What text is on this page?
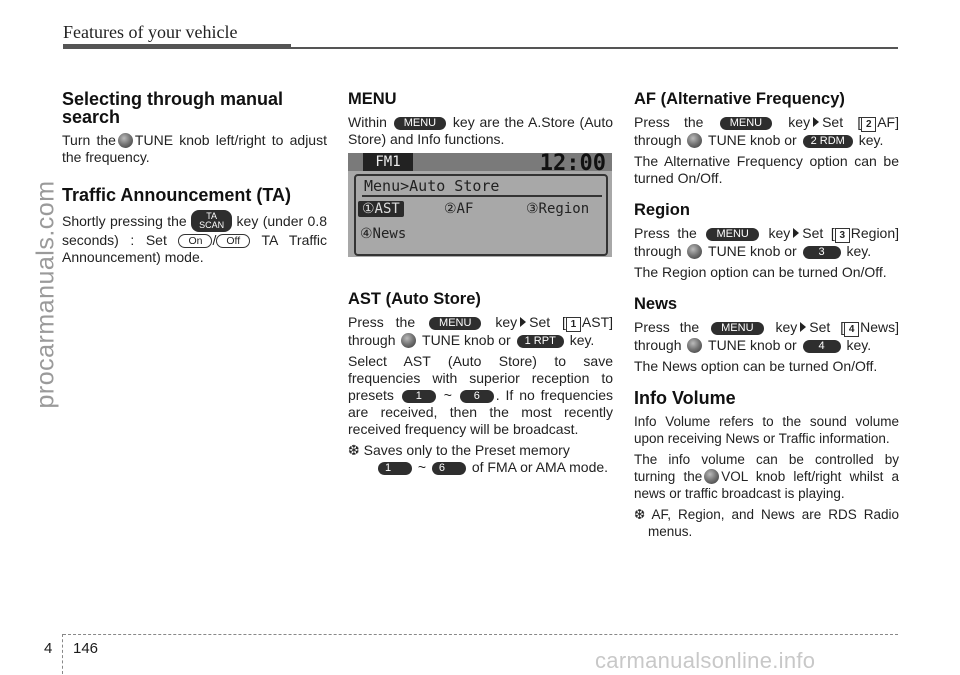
Features of your vehicle
procarmanuals.com
Selecting through manual search

Turn the TUNE knob left/right to adjust the frequency.

Traffic Announcement (TA)

Shortly pressing the TA
SCAN key (under 0.8 seconds) : Set On / Off TA Traffic Announcement) mode.

MENU

Within MENU key are the A.Store (Auto Store) and Info functions.

FM1	12:00
Menu>Auto Store
①AST	②AF	③Region
④News
AST (Auto Store)

Press the MENU key Set [ 1 AST] through TUNE knob or 1 RPT key.

Select AST (Auto Store) to save frequencies with superior reception to presets 1 ~ 6 . If no frequencies are received, then the most recently received frequency will be broadcast.

❆ Saves only to the Preset memory
1 ~ 6 of FMA or AMA mode.

AF (Alternative Frequency)

Press the MENU key Set [ 2 AF] through TUNE knob or 2 RDM key.

The Alternative Frequency option can be turned On/Off.

Region

Press the MENU key Set [ 3 Region] through TUNE knob or 3 key.

The Region option can be turned On/Off.

News

Press the MENU key Set [ 4 News] through TUNE knob or 4 key.

The News option can be turned On/Off.

Info Volume

Info Volume refers to the sound volume upon receiving News or Traffic information.

The info volume can be controlled by turning the VOL knob left/right whilst a news or traffic broadcast is playing.

❆ AF, Region, and News are RDS Radio menus.

4 146	carmanualsonline.info
